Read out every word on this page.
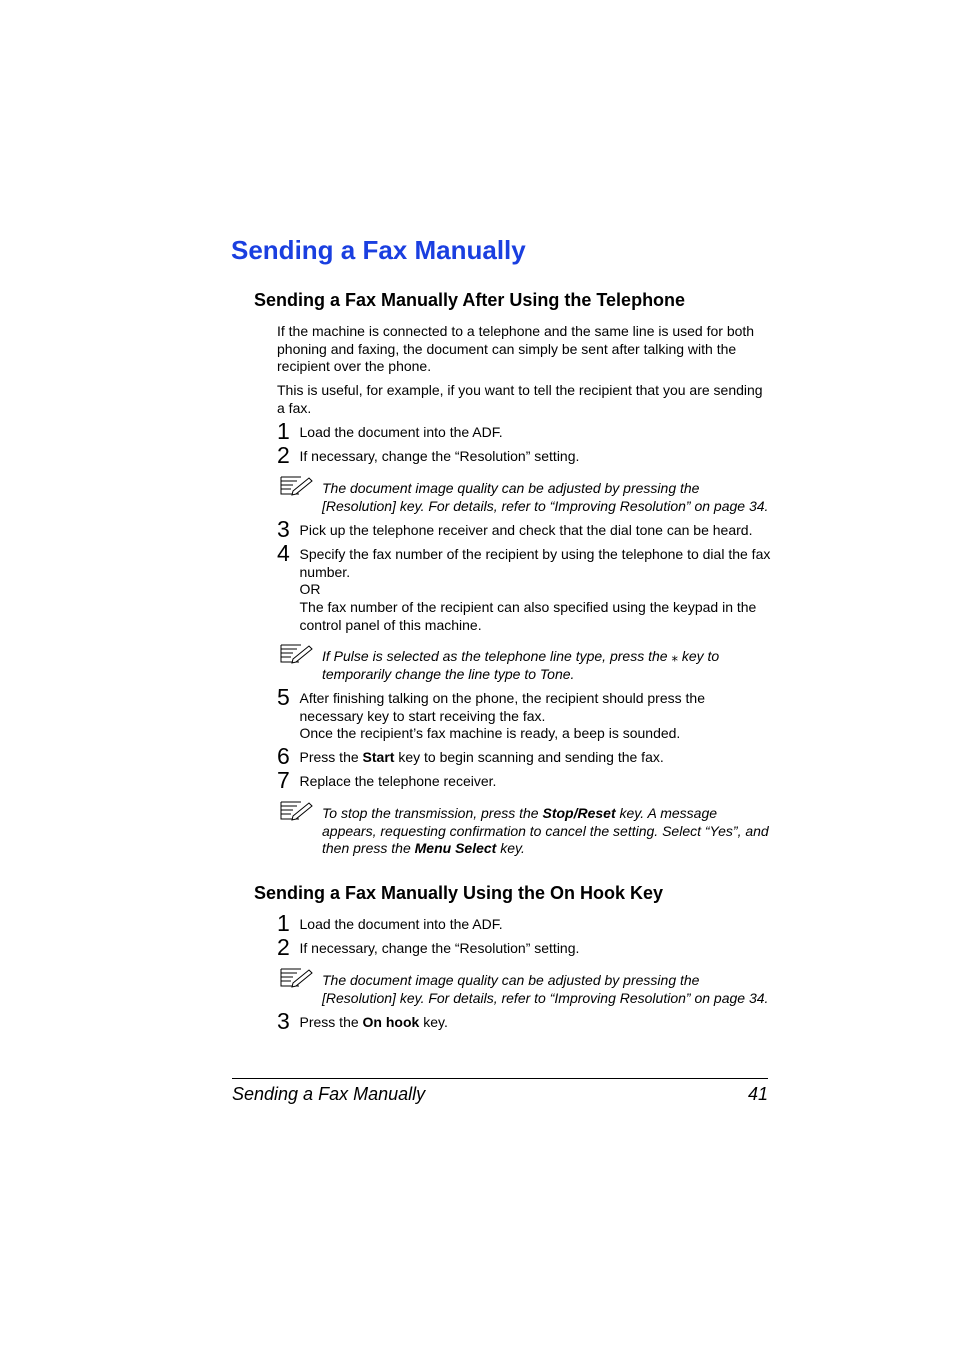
Sending a Fax Manually
Sending a Fax Manually After Using the Telephone

If the machine is connected to a telephone and the same line is used for both phoning and faxing, the document can simply be sent after talking with the recipient over the phone.

This is useful, for example, if you want to tell the recipient that you are sending a fax.

1 Load the document into the ADF.
2 If necessary, change the “Resolution” setting.
The document image quality can be adjusted by pressing the [Resolution] key. For details, refer to “Improving Resolution” on page 34.
3 Pick up the telephone receiver and check that the dial tone can be heard.
4 Specify the fax number of the recipient by using the telephone to dial the fax number.
OR
The fax number of the recipient can also specified using the keypad in the control panel of this machine.
If Pulse is selected as the telephone line type, press the ⁎ key to temporarily change the line type to Tone.
5 After finishing talking on the phone, the recipient should press the necessary key to start receiving the fax.
Once the recipient’s fax machine is ready, a beep is sounded.
6 Press the Start key to begin scanning and sending the fax.
7 Replace the telephone receiver.
To stop the transmission, press the Stop/Reset key. A message appears, requesting confirmation to cancel the setting. Select “Yes”, and then press the Menu Select key.
Sending a Fax Manually Using the On Hook Key
1 Load the document into the ADF.
2 If necessary, change the “Resolution” setting.
The document image quality can be adjusted by pressing the [Resolution] key. For details, refer to “Improving Resolution” on page 34.
3 Press the On hook key.
Sending a Fax Manually	41
